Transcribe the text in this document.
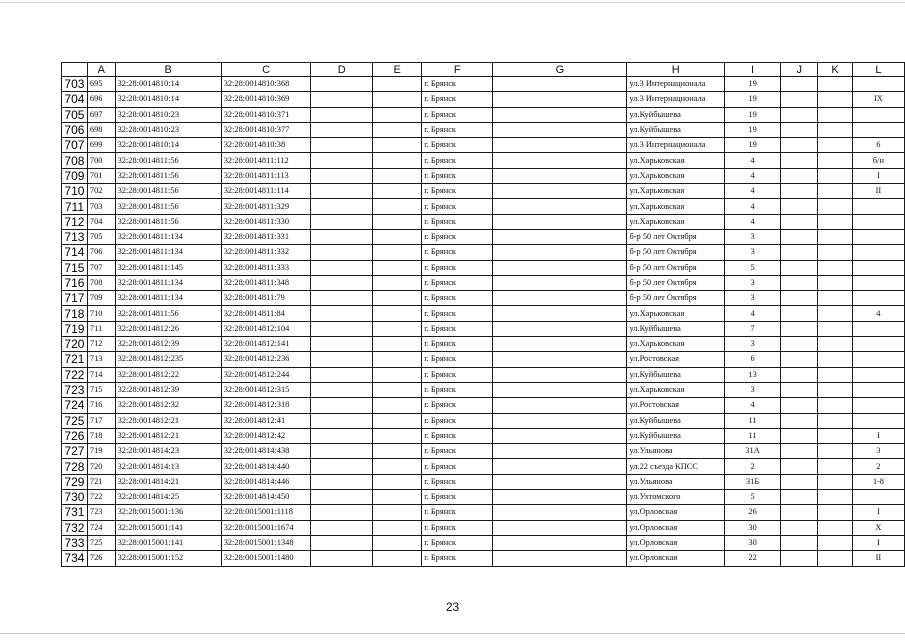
	A	B	C	D	E	F	G	H	I	J	K	L
703	695	32:28:0014810:14	32:28:0014810:368			г. Брянск		ул.3 Интернационала	19			
704	696	32:28:0014810:14	32:28:0014810:369			г. Брянск		ул.3 Интернационала	19			IX
705	697	32:28:0014810:23	32:28:0014810:371			г. Брянск		ул.Куйбышева	19			
706	698	32:28:0014810:23	32:28:0014810:377			г. Брянск		ул.Куйбышева	19			
707	699	32:28:0014810:14	32:28:0014810:38			г. Брянск		ул.3 Интернационала	19			6
708	700	32:28:0014811:56	32:28:0014811:112			г. Брянск		ул.Харьковская	4			б/н
709	701	32:28:0014811:56	32:28:0014811:113			г. Брянск		ул.Харьковская	4			I
710	702	32:28:0014811:56	32:28:0014811:114			г. Брянск		ул.Харьковская	4			II
711	703	32:28:0014811:56	32:28:0014811:329			г. Брянск		ул.Харьковская	4			
712	704	32:28:0014811:56	32:28:0014811:330			г. Брянск		ул.Харьковская	4			
713	705	32:28:0014811:134	32:28:0014811:331			г. Брянск		б-р 50 лет Октября	3			
714	706	32:28:0014811:134	32:28:0014811:332			г. Брянск		б-р 50 лет Октября	3			
715	707	32:28:0014811:145	32:28:0014811:333			г. Брянск		б-р 50 лет Октября	5			
716	708	32:28:0014811:134	32:28:0014811:348			г. Брянск		б-р 50 лет Октября	3			
717	709	32:28:0014811:134	32:28:0014811:79			г. Брянск		б-р 50 лет Октября	3			
718	710	32:28:0014811:56	32:28:0014811:84			г. Брянск		ул.Харьковская	4			4
719	711	32:28:0014812:26	32:28:0014812:104			г. Брянск		ул.Куйбышева	7			
720	712	32:28:0014812:39	32:28:0014812:141			г. Брянск		ул.Харьковская	3			
721	713	32:28:0014812:235	32:28:0014812:236			г. Брянск		ул.Ростовская	6			
722	714	32:28:0014812:22	32:28:0014812:244			г. Брянск		ул.Куйбышева	13			
723	715	32:28:0014812:39	32:28:0014812:315			г. Брянск		ул.Харьковская	3			
724	716	32:28:0014812:32	32:28:0014812:318			г. Брянск		ул.Ростовская	4			
725	717	32:28:0014812:21	32:28:0014812:41			г. Брянск		ул.Куйбышева	11			
726	718	32:28:0014812:21	32:28:0014812:42			г. Брянск		ул.Куйбышева	11			I
727	719	32:28:0014814:23	32:28:0014814:438			г. Брянск		ул.Ульянова	31А			3
728	720	32:28:0014814:13	32:28:0014814:440			г. Брянск		ул.22 съезда КПСС	2			2
729	721	32:28:0014814:21	32:28:0014814:446			г. Брянск		ул.Ульянова	31Б			1-8
730	722	32:28:0014814:25	32:28:0014814:450			г. Брянск		ул.Ухтомского	5			
731	723	32:28:0015001:136	32:28:0015001:1118			г. Брянск		ул.Орловская	26			I
732	724	32:28:0015001:141	32:28:0015001:1674			г. Брянск		ул.Орловская	30			X
733	725	32:28:0015001:141	32:28:0015001:1348			г. Брянск		ул.Орловская	30			I
734	726	32:28:0015001:152	32:28:0015001:1480			г. Брянск		ул.Орловская	22			II
23
